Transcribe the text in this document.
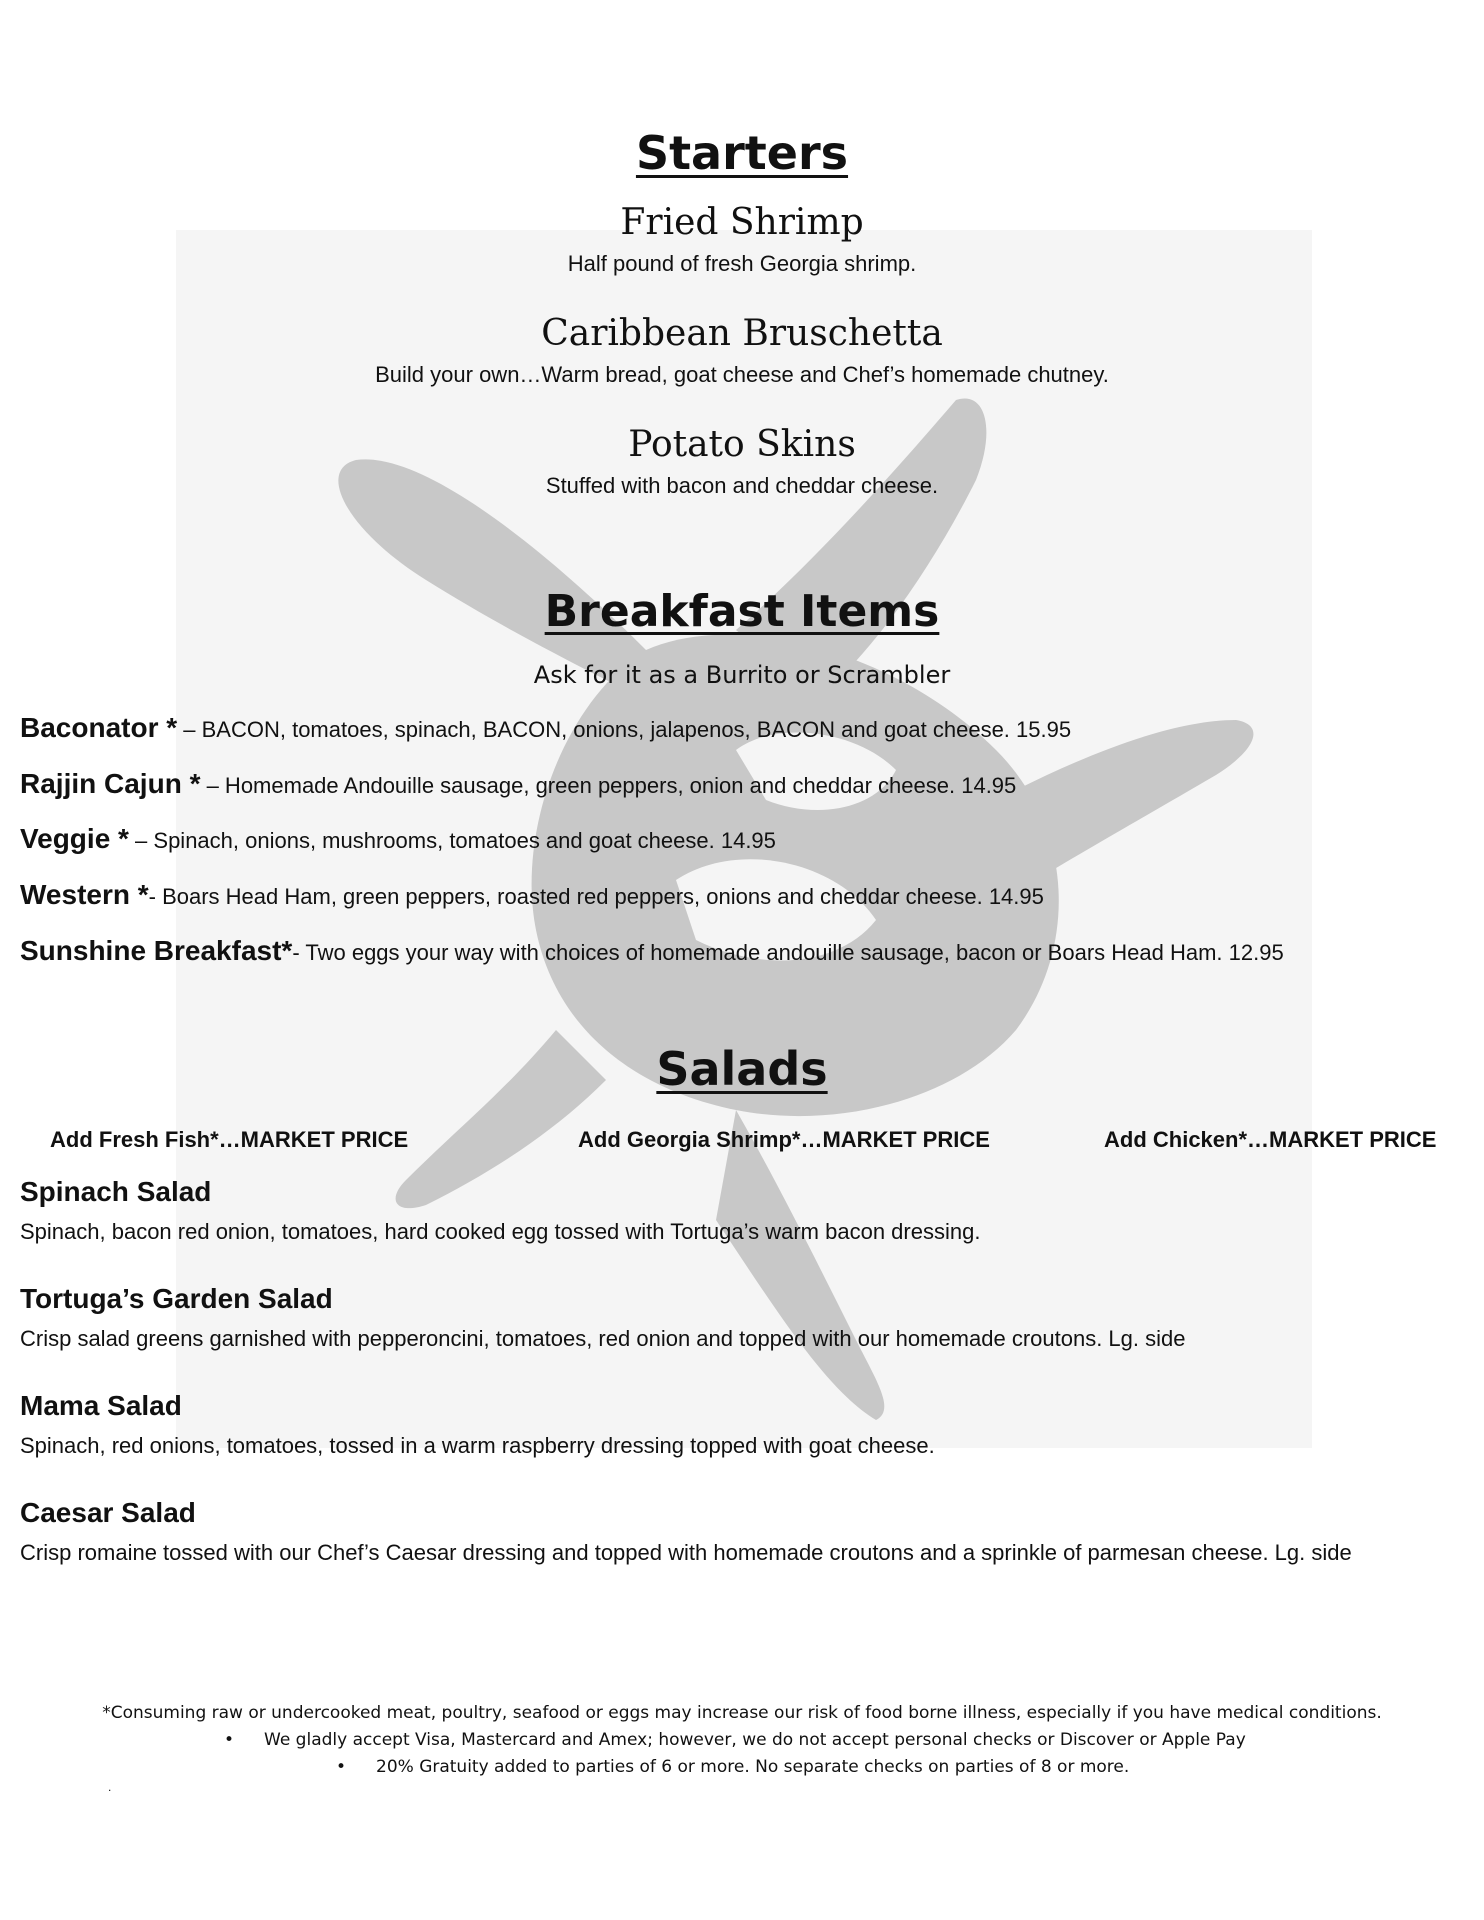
Starters
Fried Shrimp
Half pound of fresh Georgia shrimp.
Caribbean Bruschetta
Build your own…Warm bread, goat cheese and Chef’s homemade chutney.
Potato Skins
Stuffed with bacon and cheddar cheese.
Breakfast Items
Ask for it as a Burrito or Scrambler
Baconator * – BACON, tomatoes, spinach, BACON, onions, jalapenos, BACON and goat cheese. 15.95
Rajjin Cajun * – Homemade Andouille sausage, green peppers, onion and cheddar cheese. 14.95
Veggie * – Spinach, onions, mushrooms, tomatoes and goat cheese. 14.95
Western *- Boars Head Ham, green peppers, roasted red peppers, onions and cheddar cheese. 14.95
Sunshine Breakfast*- Two eggs your way with choices of homemade andouille sausage, bacon or Boars Head Ham. 12.95
Salads
Add Fresh Fish*…MARKET PRICE	Add Georgia Shrimp*…MARKET PRICE	Add Chicken*…MARKET PRICE
Spinach Salad
Spinach, bacon red onion, tomatoes, hard cooked egg tossed with Tortuga’s warm bacon dressing.
Tortuga’s Garden Salad
Crisp salad greens garnished with pepperoncini, tomatoes, red onion and topped with our homemade croutons. Lg. side
Mama Salad
Spinach, red onions, tomatoes, tossed in a warm raspberry dressing topped with goat cheese.
Caesar Salad
Crisp romaine tossed with our Chef’s Caesar dressing and topped with homemade croutons and a sprinkle of parmesan cheese. Lg. side
*Consuming raw or undercooked meat, poultry, seafood or eggs may increase our risk of food borne illness, especially if you have medical conditions.
• We gladly accept Visa, Mastercard and Amex; however, we do not accept personal checks or Discover or Apple Pay
• 20% Gratuity added to parties of 6 or more. No separate checks on parties of 8 or more.
.
